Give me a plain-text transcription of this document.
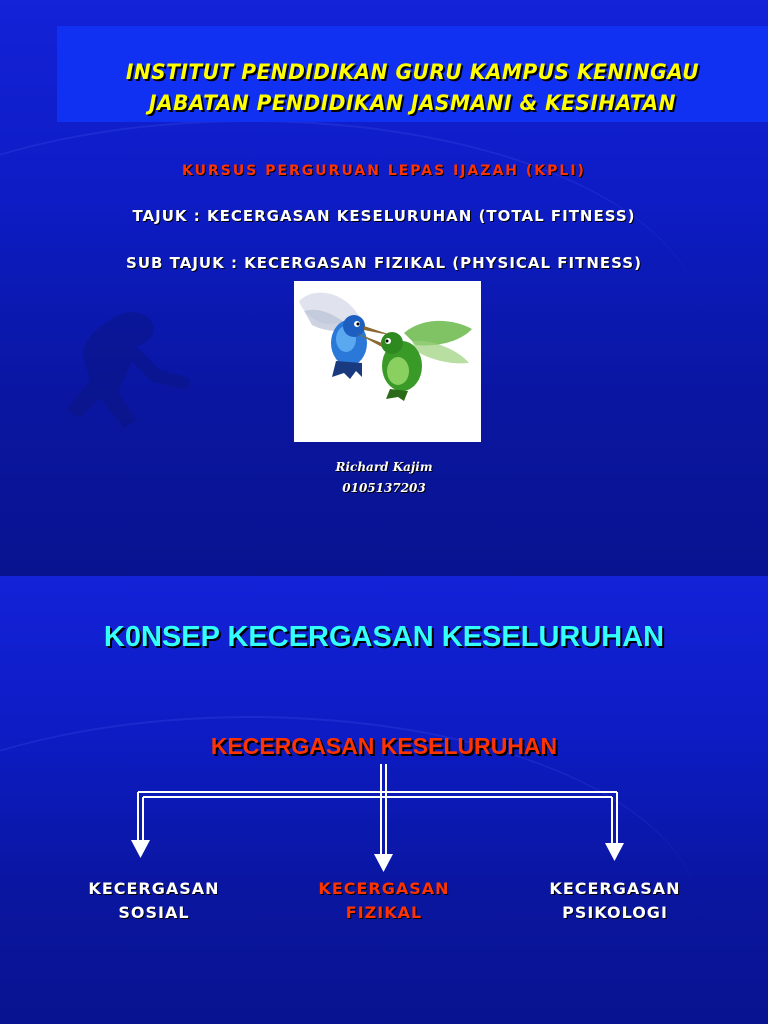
INSTITUT PENDIDIKAN GURU KAMPUS KENINGAU
JABATAN PENDIDIKAN JASMANI & KESIHATAN
KURSUS PERGURUAN LEPAS IJAZAH (KPLI)
TAJUK : KECERGASAN KESELURUHAN (TOTAL FITNESS)
SUB TAJUK : KECERGASAN FIZIKAL (PHYSICAL FITNESS)
Richard Kajim
0105137203
K0NSEP KECERGASAN KESELURUHAN
KECERGASAN KESELURUHAN
KECERGASAN
SOSIAL
KECERGASAN
FIZIKAL
KECERGASAN
PSIKOLOGI
